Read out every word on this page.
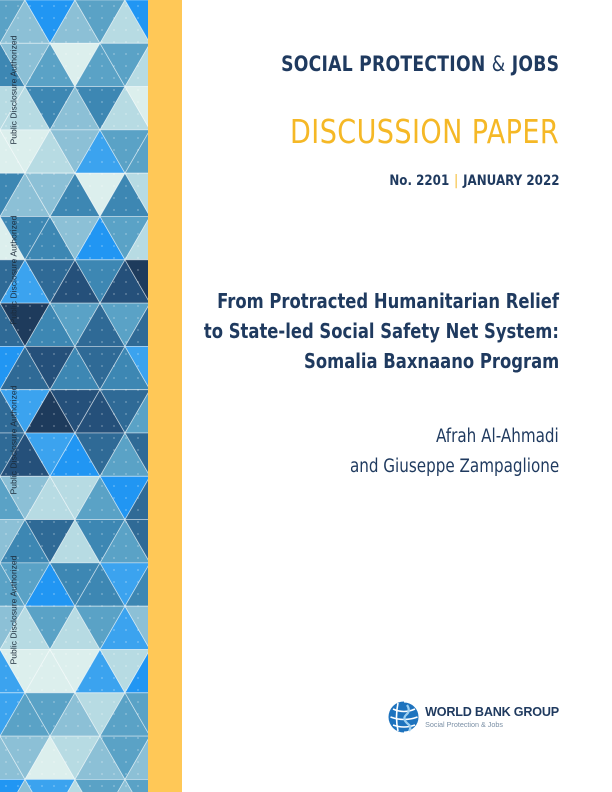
Public Disclosure Authorized
Public Disclosure Authorized
Public Disclosure Authorized
Public Disclosure Authorized
SOCIAL PROTECTION & JOBS
DISCUSSION PAPER
No. 2201 | JANUARY 2022
From Protracted Humanitarian Relief
to State-led Social Safety Net System:
Somalia Baxnaano Program
Afrah Al-Ahmadi
and Giuseppe Zampaglione
WORLD BANK GROUP
Social Protection & Jobs
